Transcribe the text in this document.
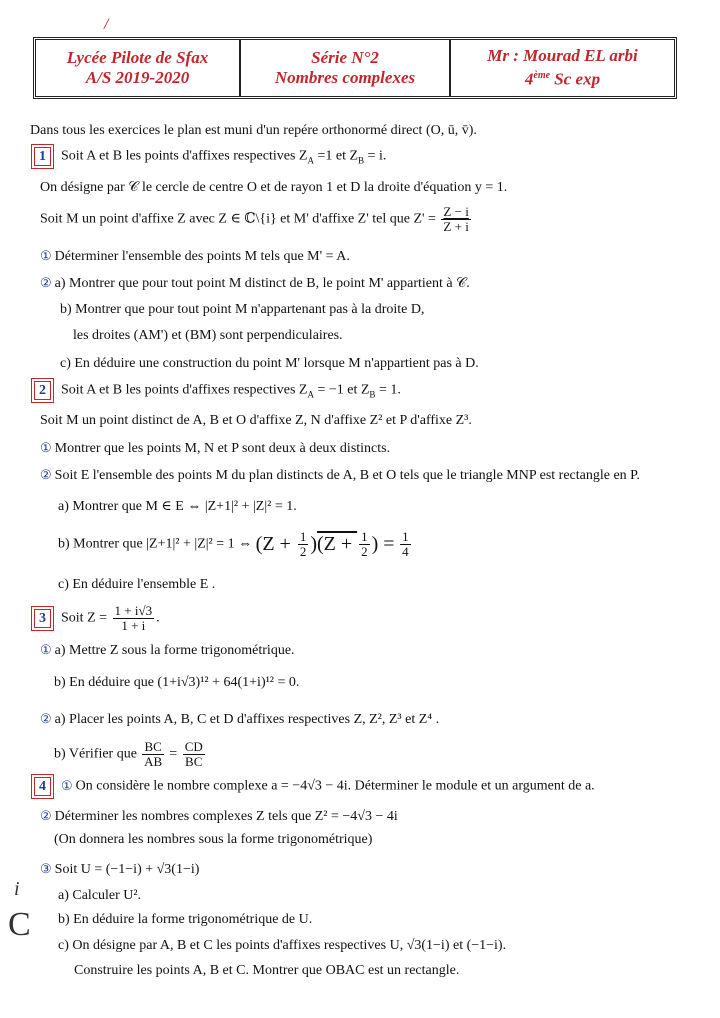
/
i
C
Lycée Pilote de Sfax
A/S 2019-2020
Série N°2
Nombres complexes
Mr : Mourad EL arbi
4ème Sc exp
Dans tous les exercices le plan est muni d'un repére orthonormé direct (O, ū, v̄).
1 Soit A et B les points d'affixes respectives $Z_A =1$ et $Z_B = i$.
On désigne par 𝒞 le cercle de centre O et de rayon 1 et D la droite d'équation y = 1.
Soit M un point d'affixe Z avec Z ∈ ℂ\{i} et M' d'affixe Z' tel que $Z' = \frac{Z - i}{Z + i}$
① Déterminer l'ensemble des points M tels que M' = A.
② a) Montrer que pour tout point M distinct de B, le point M' appartient à 𝒞.
b) Montrer que pour tout point M n'appartenant pas à la droite D,
les droites (AM') et (BM) sont perpendiculaires.
c) En déduire une construction du point M' lorsque M n'appartient pas à D.
2 Soit A et B les points d'affixes respectives $Z_A = -1$ et $Z_B = 1$.
Soit M un point distinct de A, B et O d'affixe Z, N d'affixe Z² et P d'affixe Z³.
① Montrer que les points M, N et P sont deux à deux distincts.
② Soit E l'ensemble des points M du plan distincts de A, B et O tels que le triangle MNP est rectangle en P.
a) Montrer que M ∈ E ⇔ |Z+1|² + |Z|² = 1.
b) Montrer que |Z+1|² + |Z|² = 1 ⇔ $(Z + \frac{1}{2} )(Z + \frac{1}{2}$ ) = $\frac{1}{4}$
c) En déduire l'ensemble E .
3 Soit $Z = \frac{1 + i√3}{1 + i}$ .
① a) Mettre Z sous la forme trigonométrique.
b) En déduire que (1+i√3)¹² + 64(1+i)¹² = 0.
② a) Placer les points A, B, C et D d'affixes respectives Z, Z², Z³ et Z⁴ .
b) Vérifier que $\frac{BC}{AB} = \frac{CD}{BC}$
4 ① On considère le nombre complexe a = −4√3 − 4i. Déterminer le module et un argument de a.
② Déterminer les nombres complexes Z tels que Z² = −4√3 − 4i
(On donnera les nombres sous la forme trigonométrique)
③ Soit U = (−1−i) + √3(1−i)
a) Calculer U².
b) En déduire la forme trigonométrique de U.
c) On désigne par A, B et C les points d'affixes respectives U, √3(1−i) et (−1−i).
Construire les points A, B et C. Montrer que OBAC est un rectangle.
